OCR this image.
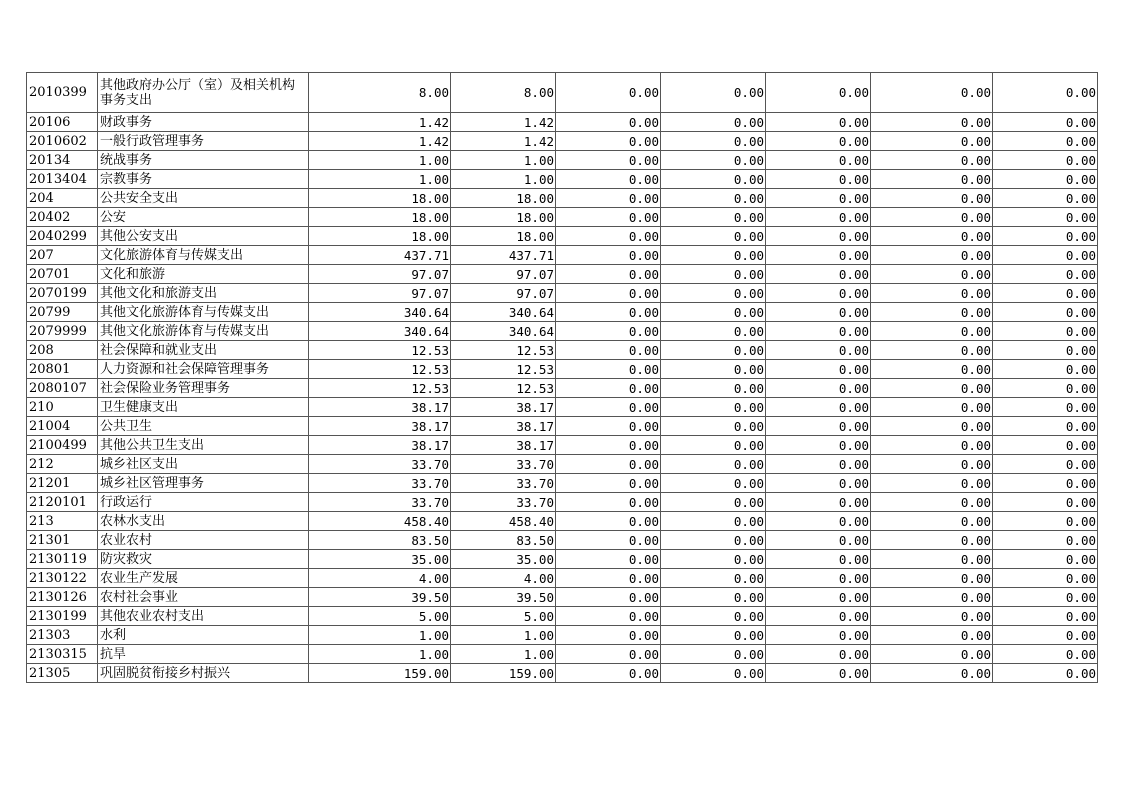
2010399	其他政府办公厅（室）及相关机构事务支出	8.00	8.00	0.00	0.00	0.00	0.00	0.00
20106	财政事务	1.42	1.42	0.00	0.00	0.00	0.00	0.00
2010602	一般行政管理事务	1.42	1.42	0.00	0.00	0.00	0.00	0.00
20134	统战事务	1.00	1.00	0.00	0.00	0.00	0.00	0.00
2013404	宗教事务	1.00	1.00	0.00	0.00	0.00	0.00	0.00
204	公共安全支出	18.00	18.00	0.00	0.00	0.00	0.00	0.00
20402	公安	18.00	18.00	0.00	0.00	0.00	0.00	0.00
2040299	其他公安支出	18.00	18.00	0.00	0.00	0.00	0.00	0.00
207	文化旅游体育与传媒支出	437.71	437.71	0.00	0.00	0.00	0.00	0.00
20701	文化和旅游	97.07	97.07	0.00	0.00	0.00	0.00	0.00
2070199	其他文化和旅游支出	97.07	97.07	0.00	0.00	0.00	0.00	0.00
20799	其他文化旅游体育与传媒支出	340.64	340.64	0.00	0.00	0.00	0.00	0.00
2079999	其他文化旅游体育与传媒支出	340.64	340.64	0.00	0.00	0.00	0.00	0.00
208	社会保障和就业支出	12.53	12.53	0.00	0.00	0.00	0.00	0.00
20801	人力资源和社会保障管理事务	12.53	12.53	0.00	0.00	0.00	0.00	0.00
2080107	社会保险业务管理事务	12.53	12.53	0.00	0.00	0.00	0.00	0.00
210	卫生健康支出	38.17	38.17	0.00	0.00	0.00	0.00	0.00
21004	公共卫生	38.17	38.17	0.00	0.00	0.00	0.00	0.00
2100499	其他公共卫生支出	38.17	38.17	0.00	0.00	0.00	0.00	0.00
212	城乡社区支出	33.70	33.70	0.00	0.00	0.00	0.00	0.00
21201	城乡社区管理事务	33.70	33.70	0.00	0.00	0.00	0.00	0.00
2120101	行政运行	33.70	33.70	0.00	0.00	0.00	0.00	0.00
213	农林水支出	458.40	458.40	0.00	0.00	0.00	0.00	0.00
21301	农业农村	83.50	83.50	0.00	0.00	0.00	0.00	0.00
2130119	防灾救灾	35.00	35.00	0.00	0.00	0.00	0.00	0.00
2130122	农业生产发展	4.00	4.00	0.00	0.00	0.00	0.00	0.00
2130126	农村社会事业	39.50	39.50	0.00	0.00	0.00	0.00	0.00
2130199	其他农业农村支出	5.00	5.00	0.00	0.00	0.00	0.00	0.00
21303	水利	1.00	1.00	0.00	0.00	0.00	0.00	0.00
2130315	抗旱	1.00	1.00	0.00	0.00	0.00	0.00	0.00
21305	巩固脱贫衔接乡村振兴	159.00	159.00	0.00	0.00	0.00	0.00	0.00
